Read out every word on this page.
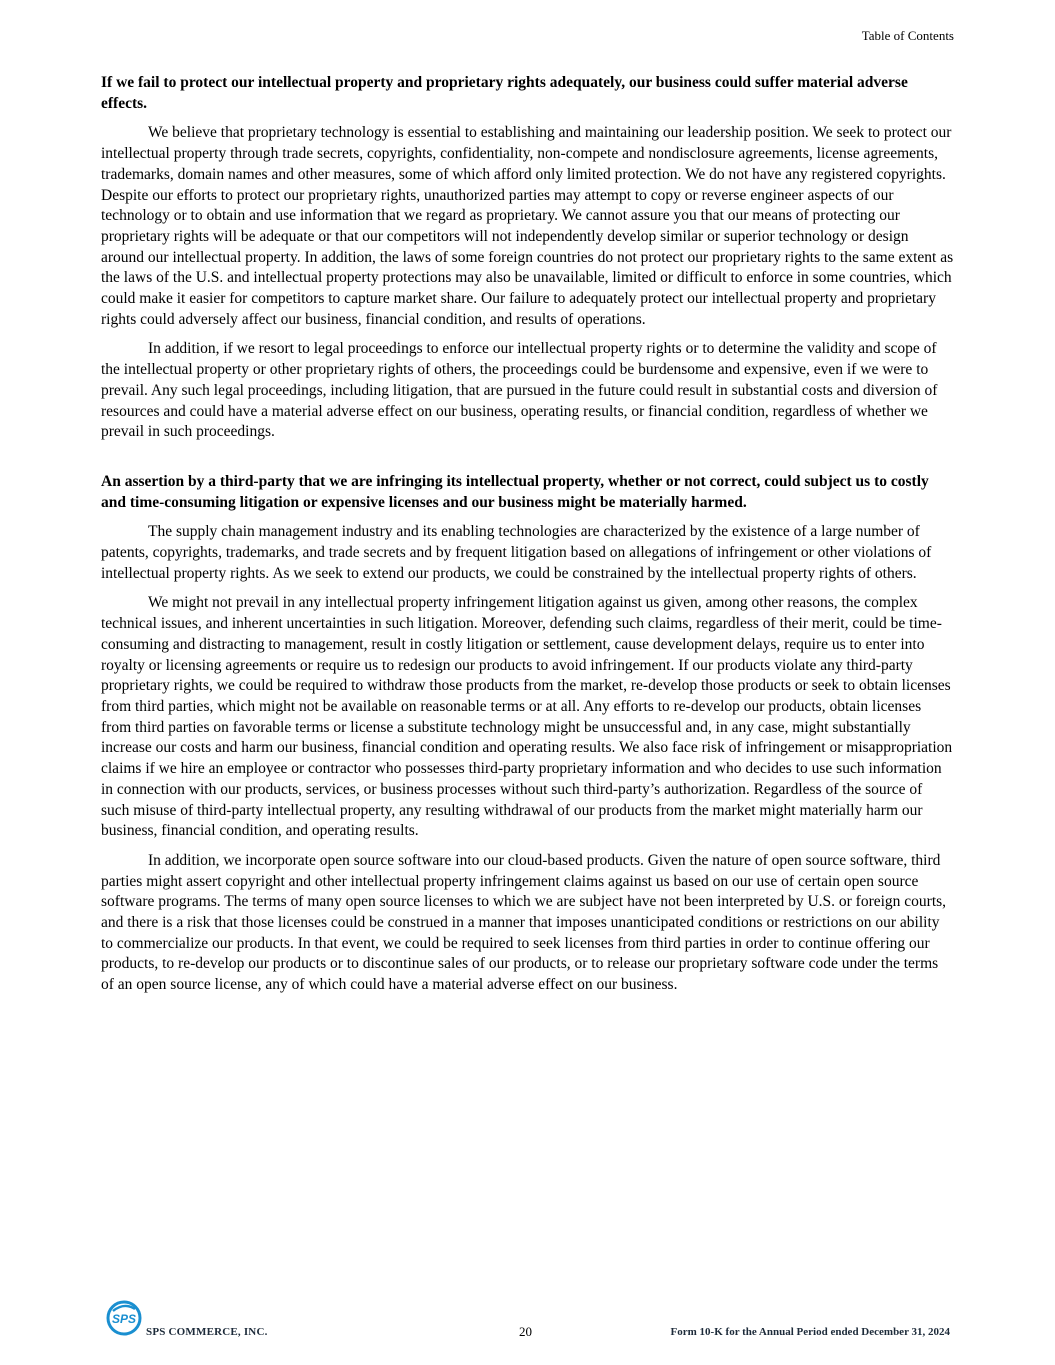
Table of Contents

If we fail to protect our intellectual property and proprietary rights adequately, our business could suffer material adverse effects.

We believe that proprietary technology is essential to establishing and maintaining our leadership position. We seek to protect our intellectual property through trade secrets, copyrights, confidentiality, non-compete and nondisclosure agreements, license agreements, trademarks, domain names and other measures, some of which afford only limited protection. We do not have any registered copyrights. Despite our efforts to protect our proprietary rights, unauthorized parties may attempt to copy or reverse engineer aspects of our technology or to obtain and use information that we regard as proprietary. We cannot assure you that our means of protecting our proprietary rights will be adequate or that our competitors will not independently develop similar or superior technology or design around our intellectual property. In addition, the laws of some foreign countries do not protect our proprietary rights to the same extent as the laws of the U.S. and intellectual property protections may also be unavailable, limited or difficult to enforce in some countries, which could make it easier for competitors to capture market share. Our failure to adequately protect our intellectual property and proprietary rights could adversely affect our business, financial condition, and results of operations.

In addition, if we resort to legal proceedings to enforce our intellectual property rights or to determine the validity and scope of the intellectual property or other proprietary rights of others, the proceedings could be burdensome and expensive, even if we were to prevail. Any such legal proceedings, including litigation, that are pursued in the future could result in substantial costs and diversion of resources and could have a material adverse effect on our business, operating results, or financial condition, regardless of whether we prevail in such proceedings.

An assertion by a third-party that we are infringing its intellectual property, whether or not correct, could subject us to costly and time-consuming litigation or expensive licenses and our business might be materially harmed.

The supply chain management industry and its enabling technologies are characterized by the existence of a large number of patents, copyrights, trademarks, and trade secrets and by frequent litigation based on allegations of infringement or other violations of intellectual property rights. As we seek to extend our products, we could be constrained by the intellectual property rights of others.

We might not prevail in any intellectual property infringement litigation against us given, among other reasons, the complex technical issues, and inherent uncertainties in such litigation. Moreover, defending such claims, regardless of their merit, could be time-consuming and distracting to management, result in costly litigation or settlement, cause development delays, require us to enter into royalty or licensing agreements or require us to redesign our products to avoid infringement. If our products violate any third-party proprietary rights, we could be required to withdraw those products from the market, re-develop those products or seek to obtain licenses from third parties, which might not be available on reasonable terms or at all. Any efforts to re-develop our products, obtain licenses from third parties on favorable terms or license a substitute technology might be unsuccessful and, in any case, might substantially increase our costs and harm our business, financial condition and operating results. We also face risk of infringement or misappropriation claims if we hire an employee or contractor who possesses third-party proprietary information and who decides to use such information in connection with our products, services, or business processes without such third-party’s authorization. Regardless of the source of such misuse of third-party intellectual property, any resulting withdrawal of our products from the market might materially harm our business, financial condition, and operating results.

In addition, we incorporate open source software into our cloud-based products. Given the nature of open source software, third parties might assert copyright and other intellectual property infringement claims against us based on our use of certain open source software programs. The terms of many open source licenses to which we are subject have not been interpreted by U.S. or foreign courts, and there is a risk that those licenses could be construed in a manner that imposes unanticipated conditions or restrictions on our ability to commercialize our products. In that event, we could be required to seek licenses from third parties in order to continue offering our products, to re-develop our products or to discontinue sales of our products, or to release our proprietary software code under the terms of an open source license, any of which could have a material adverse effect on our business.

SPS
SPS COMMERCE, INC.	20	Form 10-K for the Annual Period ended December 31, 2024
